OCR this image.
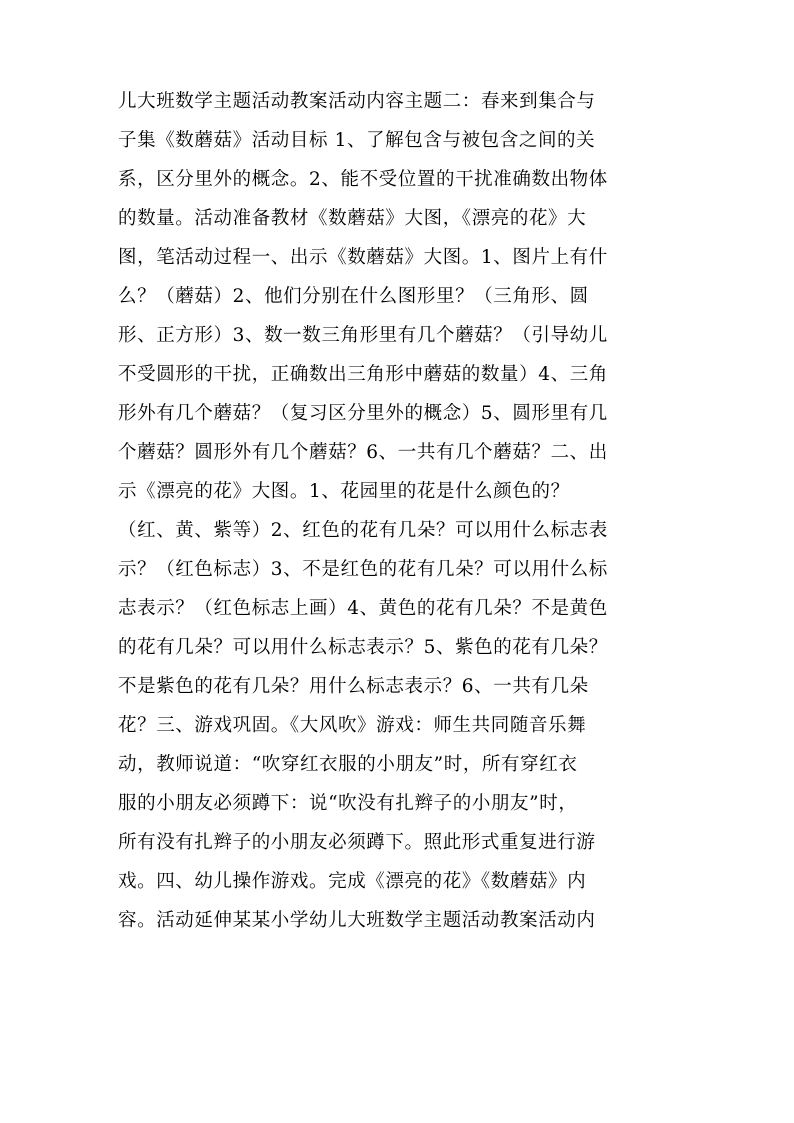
儿大班数学主题活动教案活动内容主题二：春来到集合与
子集《数蘑菇》活动目标 1、了解包含与被包含之间的关
系，区分里外的概念。2、能不受位置的干扰准确数出物体
的数量。活动准备教材《数蘑菇》大图，《漂亮的花》大
图，笔活动过程一、出示《数蘑菇》大图。1、图片上有什
么？（蘑菇）2、他们分别在什么图形里？（三角形、圆
形、正方形）3、数一数三角形里有几个蘑菇？（引导幼儿
不受圆形的干扰，正确数出三角形中蘑菇的数量）4、三角
形外有几个蘑菇？（复习区分里外的概念）5、圆形里有几
个蘑菇？圆形外有几个蘑菇？6、一共有几个蘑菇？二、出
示《漂亮的花》大图。1、花园里的花是什么颜色的？
（红、黄、紫等）2、红色的花有几朵？可以用什么标志表
示？（红色标志）3、不是红色的花有几朵？可以用什么标
志表示？（红色标志上画）4、黄色的花有几朵？不是黄色
的花有几朵？可以用什么标志表示？5、紫色的花有几朵？
不是紫色的花有几朵？用什么标志表示？6、一共有几朵
花？三、游戏巩固。《大风吹》游戏：师生共同随音乐舞
动，教师说道：“吹穿红衣服的小朋友”时，所有穿红衣
服的小朋友必须蹲下：说“吹没有扎辫子的小朋友”时，
所有没有扎辫子的小朋友必须蹲下。照此形式重复进行游
戏。四、幼儿操作游戏。完成《漂亮的花》《数蘑菇》内
容。活动延伸某某小学幼儿大班数学主题活动教案活动内
